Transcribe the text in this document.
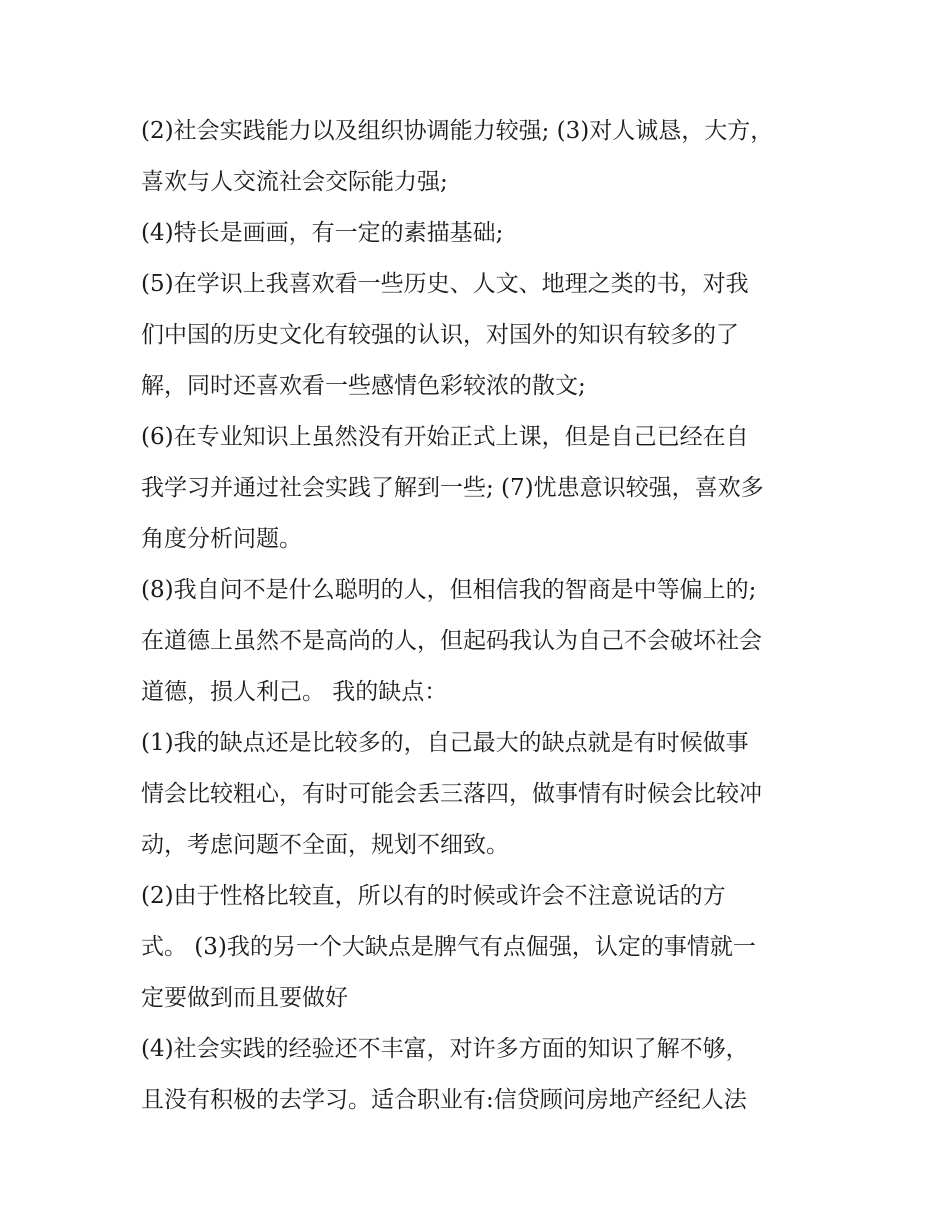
(2)社会实践能力以及组织协调能力较强; (3)对人诚恳，大方，
喜欢与人交流社会交际能力强;
(4)特长是画画，有一定的素描基础;
(5)在学识上我喜欢看一些历史、人文、地理之类的书，对我
们中国的历史文化有较强的认识，对国外的知识有较多的了
解，同时还喜欢看一些感情色彩较浓的散文;
(6)在专业知识上虽然没有开始正式上课，但是自己已经在自
我学习并通过社会实践了解到一些; (7)忧患意识较强，喜欢多
角度分析问题。
(8)我自问不是什么聪明的人，但相信我的智商是中等偏上的;
在道德上虽然不是高尚的人，但起码我认为自己不会破坏社会
道德，损人利己。 我的缺点：
(1)我的缺点还是比较多的，自己最大的缺点就是有时候做事
情会比较粗心，有时可能会丢三落四，做事情有时候会比较冲
动，考虑问题不全面，规划不细致。
(2)由于性格比较直，所以有的时候或许会不注意说话的方
式。 (3)我的另一个大缺点是脾气有点倔强，认定的事情就一
定要做到而且要做好
(4)社会实践的经验还不丰富，对许多方面的知识了解不够，
且没有积极的去学习。适合职业有:信贷顾问房地产经纪人法
